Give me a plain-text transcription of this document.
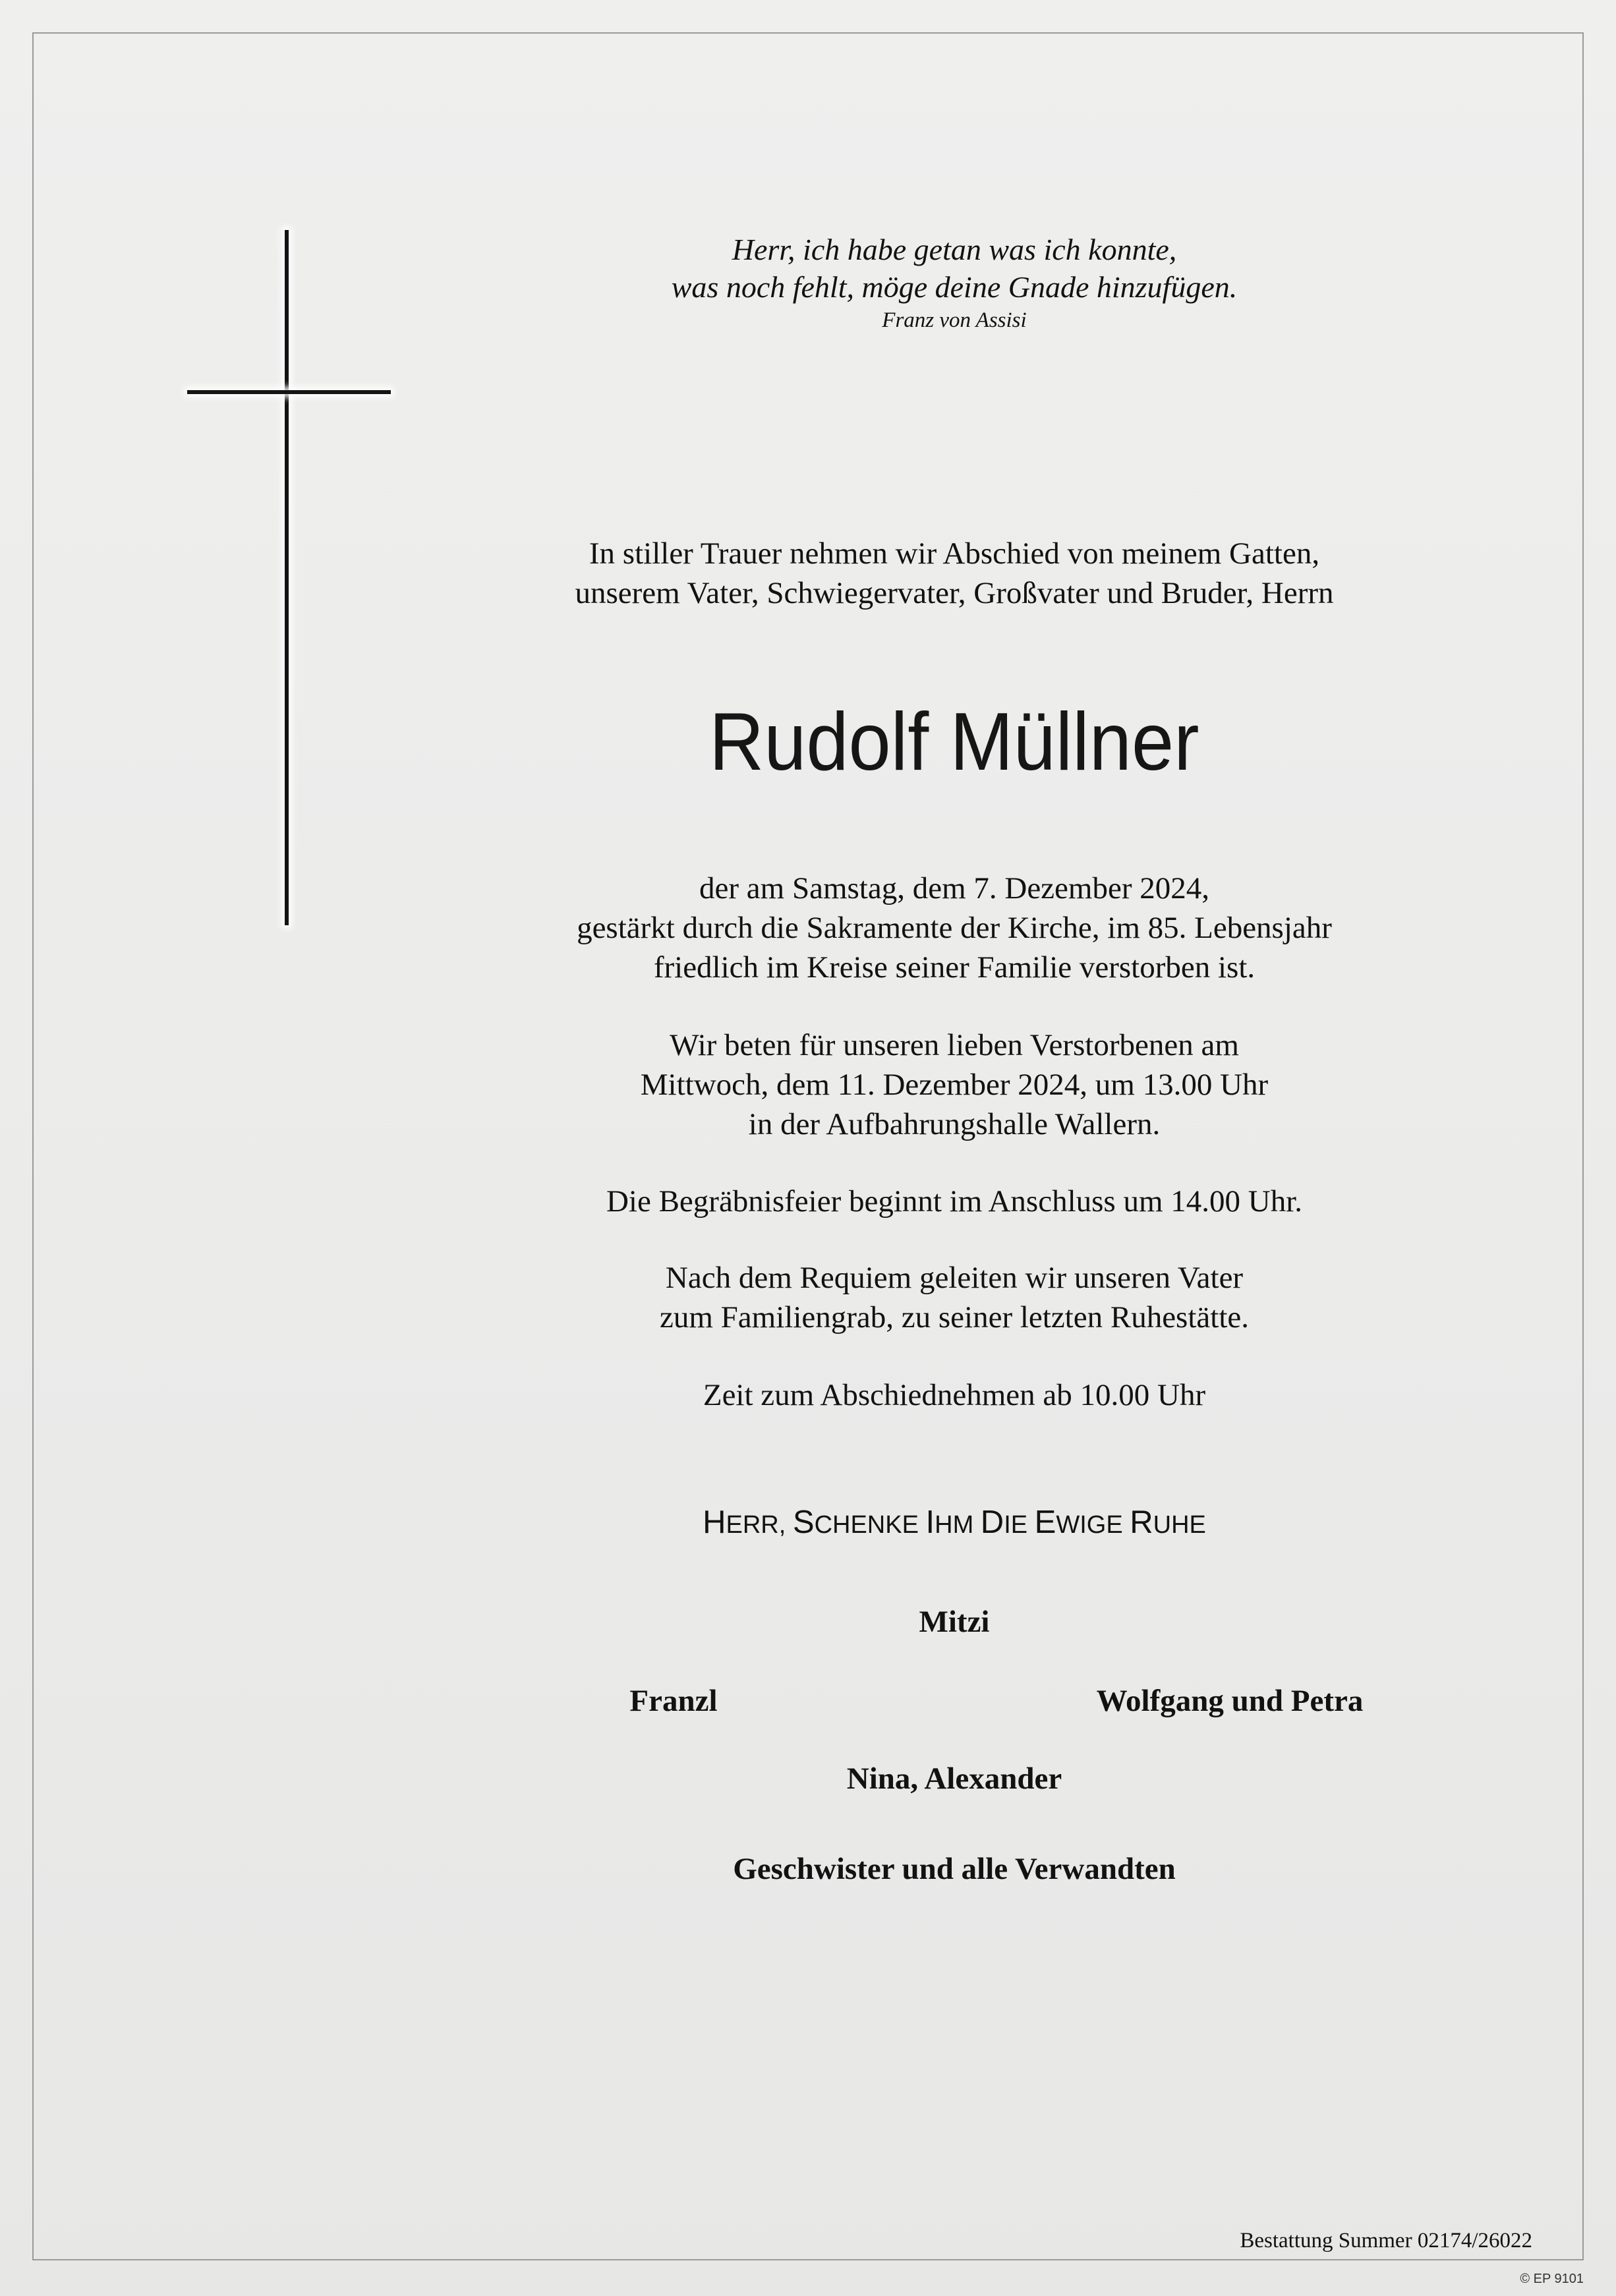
Herr, ich habe getan was ich konnte,
was noch fehlt, möge deine Gnade hinzufügen.
Franz von Assisi
In stiller Trauer nehmen wir Abschied von meinem Gatten,
unserem Vater, Schwiegervater, Großvater und Bruder, Herrn
Rudolf Müllner
der am Samstag, dem 7. Dezember 2024,
gestärkt durch die Sakramente der Kirche, im 85. Lebensjahr
friedlich im Kreise seiner Familie verstorben ist.
Wir beten für unseren lieben Verstorbenen am
Mittwoch, dem 11. Dezember 2024, um 13.00 Uhr
in der Aufbahrungshalle Wallern.
Die Begräbnisfeier beginnt im Anschluss um 14.00 Uhr.
Nach dem Requiem geleiten wir unseren Vater
zum Familiengrab, zu seiner letzten Ruhestätte.
Zeit zum Abschiednehmen ab 10.00 Uhr
HERR, SCHENKE IHM DIE EWIGE RUHE
Mitzi
Franzl	Wolfgang und Petra
Nina, Alexander
Geschwister und alle Verwandten
Bestattung Summer 02174/26022
© EP 9101
